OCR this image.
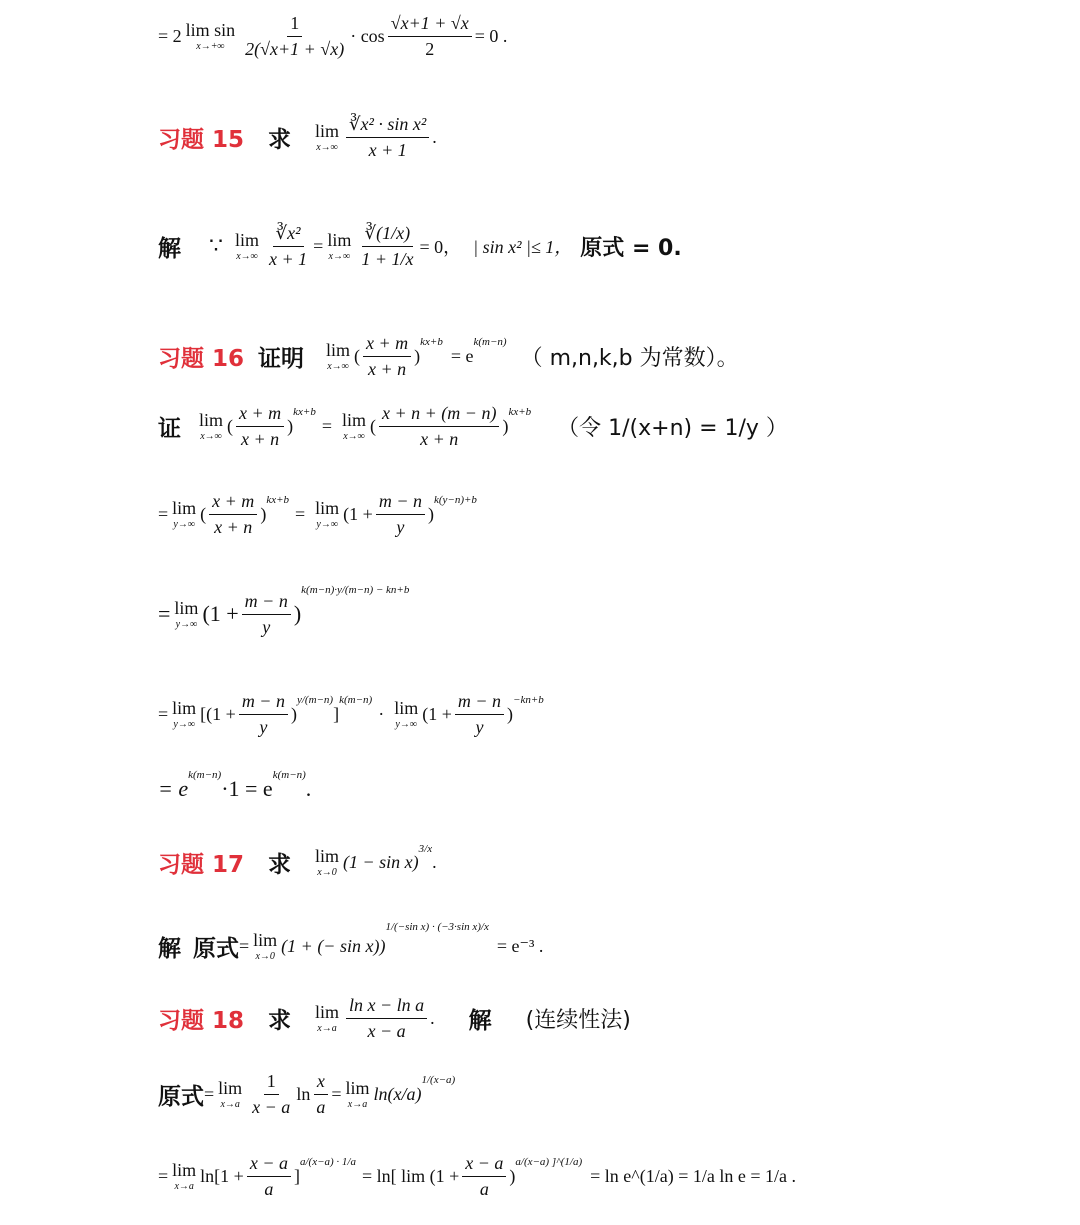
= 2 lim sin
$x\to+\infty \frac{1}{2(√x+1 + √x)} \cdot \cos \frac{√x+1 + √x}{2} = 0$ .
习题 15 求 lim
$x\to\infty \frac{\text{∛x² · sin x²}}{x + 1}$ .
解 ∵ lim
$x\to\infty \frac{\text{∛x²}}{x + 1} = \lim$
$x\to\infty \frac{∛(1/x)}{1 + 1/x} = 0$， | sin x² |≤ 1， 原式 = 0.
习题 16 证明 lim
x→∞
( $\frac{x + m}{x + n}$ )
kx+b
= e
k(m−n)
（ m,n,k,b 为常数）。
证 lim
x→∞
( $\frac{x + m}{x + n}$ )
kx+b
= lim
x→∞
( $\frac{x + n + (m - n)}{x + n}$ )
kx+b
（令 1/(x+n) = 1/y ）
= lim
y→∞
( $\frac{x + m}{x + n}$ )
kx+b
= lim
y→∞
($1 + \frac{m - n}{y}$ )
k(y−n)+b
= lim
y→∞ ($1 + \frac{m - n}{y}$ )
k(m−n)·y/(m−n) − kn+b
= lim
y→∞
[($1 + \frac{m - n}{y}$ )
y/(m−n)
]
k(m−n)
· lim
y→∞
($1 + \frac{m - n}{y}$ )
−kn+b
= e
k(m−n)
·1 = e
k(m−n)
.
习题 17 求 lim
x→0
(1 − sin x)
3/x
.
解 原式 = lim
x→0
(1 + (− sin x))
1/(−sin x) · (−3·sin x)/x
= e⁻³ .
习题 18 求 lim
$x\to a \frac{\text{ln x − ln a}}{x - a}$ . 解 (连续性法)
原式 = lim
$x\to a \frac{1}{x - a}$ $\ln \frac{x}{a} = \lim$
x→a
ln(x/a)
1/(x−a)
= lim
x→a
$\ln[1 + \frac{x - a}{a}$ ]
a/(x−a) · 1/a
= ln[ $\lim (1 + \frac{x - a}{a}$ )
a/(x−a) ]^(1/a)
= ln e^(1/a) = 1/a ln e = 1/a .
